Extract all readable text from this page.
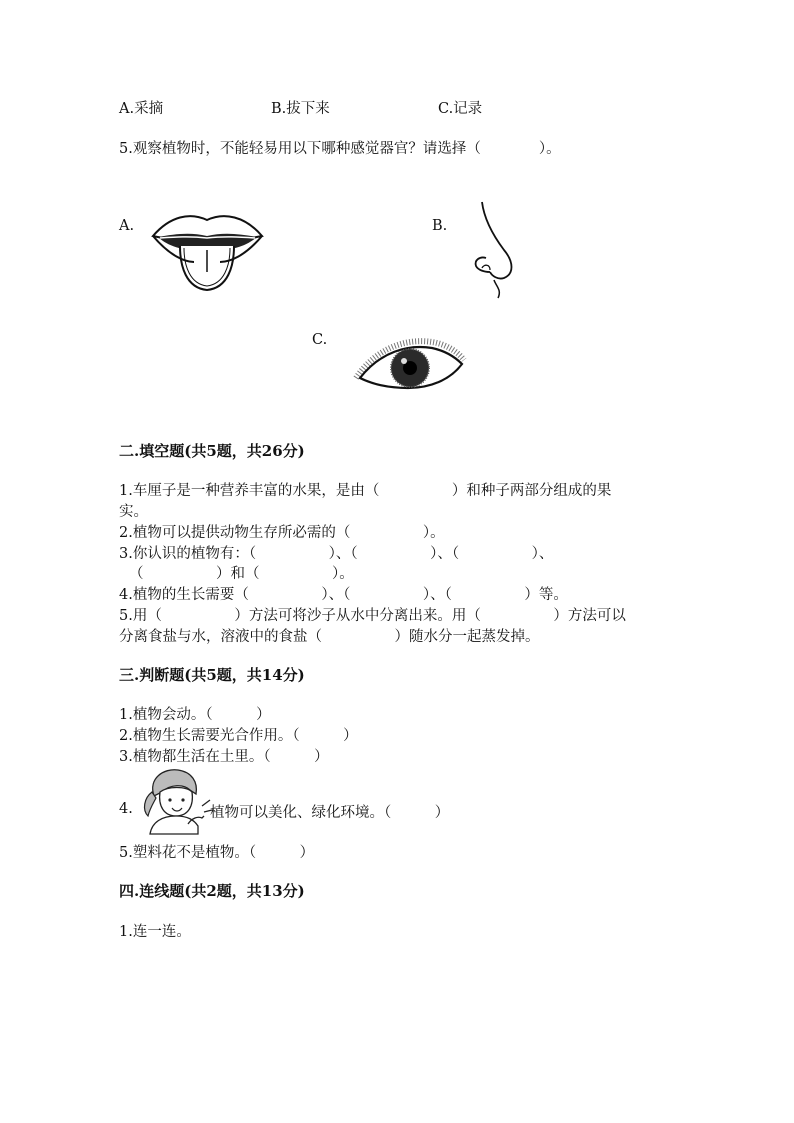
A.采摘	B.拔下来	C.记录
5.观察植物时，不能轻易用以下哪种感觉器官？请选择（　　　　）。
A.	B.
C.
二.填空题(共5题，共26分)
1.车厘子是一种营养丰富的水果，是由（　　　　　）和种子两部分组成的果
实。
2.植物可以提供动物生存所必需的（　　　　　）。
3.你认识的植物有：（　　　　　）、（　　　　　）、（　　　　　）、
（　　　　　）和（　　　　　）。
4.植物的生长需要（　　　　　）、（　　　　　）、（　　　　　）等。
5.用（　　　　　）方法可将沙子从水中分离出来。用（　　　　　）方法可以
分离食盐与水，溶液中的食盐（　　　　　）随水分一起蒸发掉。
三.判断题(共5题，共14分)
1.植物会动。（　　　）
2.植物生长需要光合作用。（　　　）
3.植物都生活在土里。（　　　）
4.	植物可以美化、绿化环境。（　　　）
5.塑料花不是植物。（　　　）
四.连线题(共2题，共13分)
1.连一连。
